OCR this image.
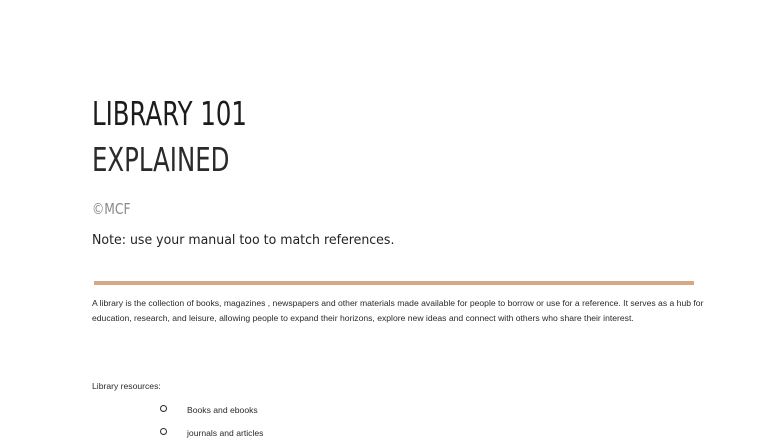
LIBRARY 101
EXPLAINED
©MCF
Note: use your manual too to match references.

A library is the collection of books, magazines , newspapers and other materials made available for people to borrow or use for a reference. It serves as a hub for education, research, and leisure, allowing people to expand their horizons, explore new ideas and connect with others who share their interest.

Library resources:
Books and ebooks
journals and articles
